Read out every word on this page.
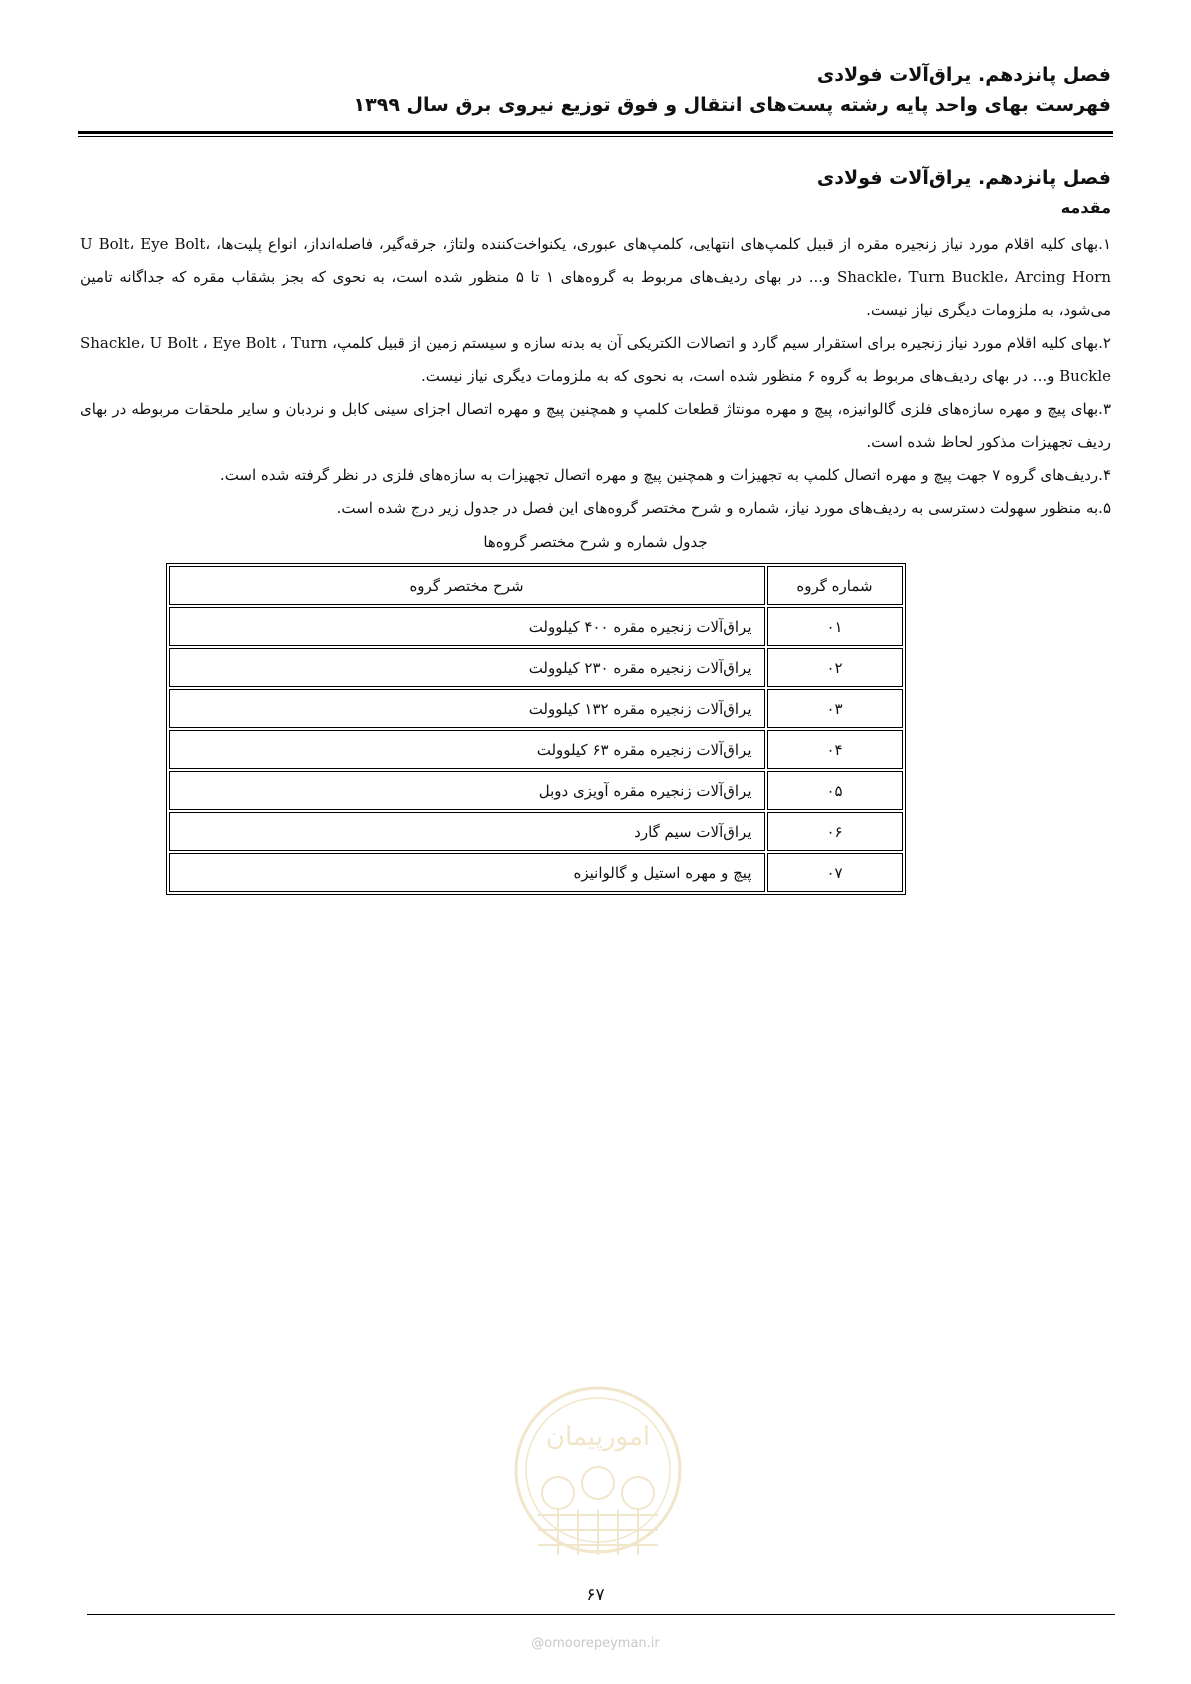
فصل پانزدهم. یراق‌آلات فولادی
فهرست بهای واحد پایه رشته پست‌های انتقال و فوق توزیع نیروی برق سال ۱۳۹۹
فصل پانزدهم. یراق‌آلات فولادی
مقدمه

۱.بهای کلیه اقلام مورد نیاز زنجیره مقره از قبیل کلمپ‌های انتهایی، کلمپ‌های عبوری، یکنواخت‌کننده ولتاژ، جرقه‌گیر، فاصله‌انداز، انواع پلیت‌ها، U Bolt، Eye Bolt، Shackle، Turn Buckle، Arcing Horn و... در بهای ردیف‌های مربوط به گروه‌های ۱ تا ۵ منظور شده است، به نحوی که بجز بشقاب مقره که جداگانه تامین می‌شود، به ملزومات دیگری نیاز نیست.

۲.بهای کلیه اقلام مورد نیاز زنجیره برای استقرار سیم گارد و اتصالات الکتریکی آن به بدنه سازه و سیستم زمین از قبیل کلمپ، Shackle، U Bolt ، Eye Bolt ، Turn Buckle و... در بهای ردیف‌های مربوط به گروه ۶ منظور شده است، به نحوی که به ملزومات دیگری نیاز نیست.

۳.بهای پیچ و مهره سازه‌های فلزی گالوانیزه، پیچ و مهره مونتاژ قطعات کلمپ و همچنین پیچ و مهره اتصال اجزای سینی کابل و نردبان و سایر ملحقات مربوطه در بهای ردیف تجهیزات مذکور لحاظ شده است.

۴.ردیف‌های گروه ۷ جهت پیچ و مهره اتصال کلمپ به تجهیزات و همچنین پیچ و مهره اتصال تجهیزات به سازه‌های فلزی در نظر گرفته شده است.

۵.به منظور سهولت دسترسی به ردیف‌های مورد نیاز، شماره و شرح مختصر گروه‌های این فصل در جدول زیر درج شده است.

جدول شماره و شرح مختصر گروه‌ها
شماره گروه	شرح مختصر گروه
۰۱	یراق‌آلات زنجیره مقره ۴۰۰ کیلوولت
۰۲	یراق‌آلات زنجیره مقره ۲۳۰ کیلوولت
۰۳	یراق‌آلات زنجیره مقره ۱۳۲ کیلوولت
۰۴	یراق‌آلات زنجیره مقره ۶۳ کیلوولت
۰۵	یراق‌آلات زنجیره مقره آویزی دوبل
۰۶	یراق‌آلات سیم گارد
۰۷	پیچ و مهره استیل و گالوانیزه
امورپیمان
۶۷
@omoorepeyman.ir
